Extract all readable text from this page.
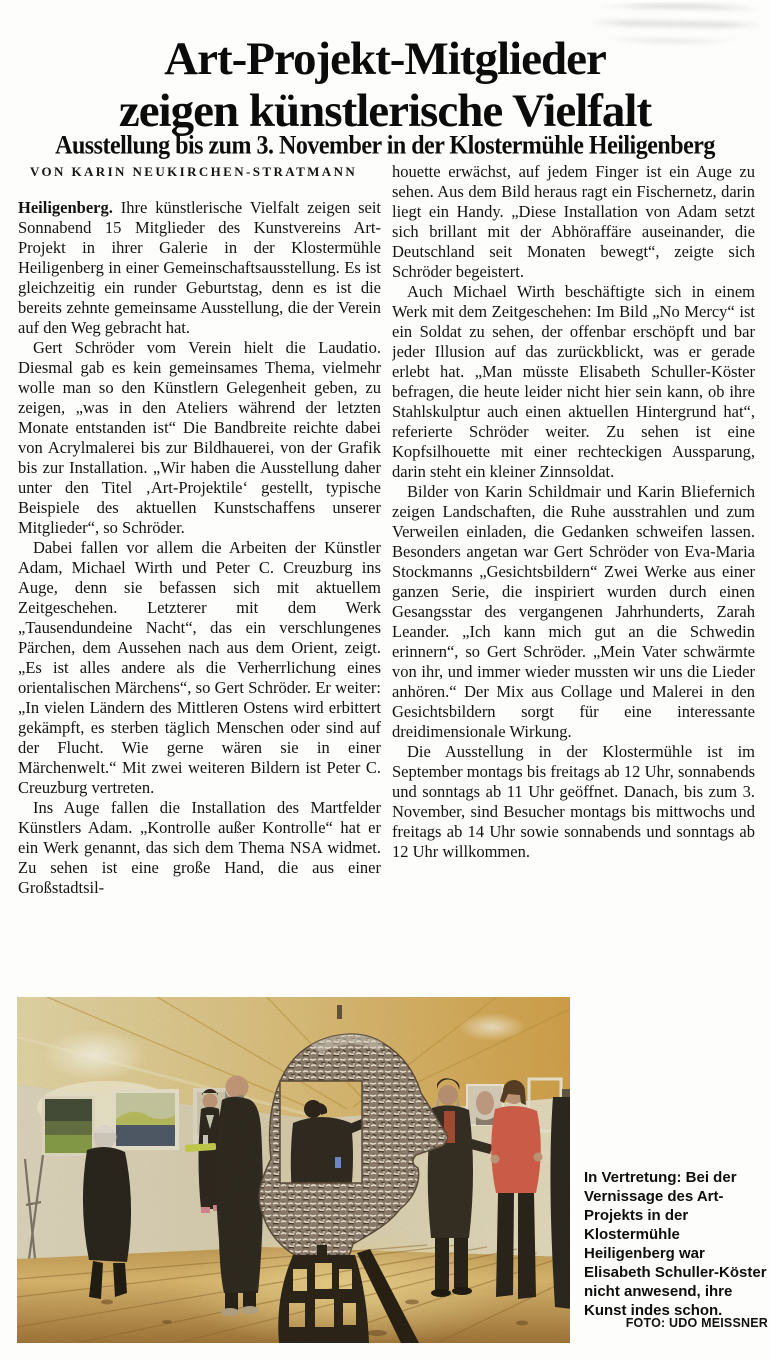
Art-Projekt-Mitglieder
zeigen künstlerische Vielfalt
Ausstellung bis zum 3. November in der Klostermühle Heiligenberg
VON KARIN NEUKIRCHEN-STRATMANN

Heiligenberg. Ihre künstlerische Vielfalt zeigen seit Sonnabend 15 Mitglieder des Kunstvereins Art-Projekt in ihrer Galerie in der Klostermühle Heiligenberg in einer Gemeinschaftsausstellung. Es ist gleichzeitig ein runder Geburtstag, denn es ist die bereits zehnte gemeinsame Ausstellung, die der Verein auf den Weg gebracht hat.

Gert Schröder vom Verein hielt die Laudatio. Diesmal gab es kein gemeinsames Thema, vielmehr wolle man so den Künstlern Gelegenheit geben, zu zeigen, „was in den Ateliers während der letzten Monate entstanden ist“ Die Bandbreite reichte dabei von Acrylmalerei bis zur Bildhauerei, von der Grafik bis zur Installation. „Wir haben die Ausstellung daher unter den Titel ‚Art-Projektile‘ gestellt, typische Beispiele des aktuellen Kunstschaffens unserer Mitglieder“, so Schröder.

Dabei fallen vor allem die Arbeiten der Künstler Adam, Michael Wirth und Peter C. Creuzburg ins Auge, denn sie befassen sich mit aktuellem Zeitgeschehen. Letzterer mit dem Werk „Tausendundeine Nacht“, das ein verschlungenes Pärchen, dem Aussehen nach aus dem Orient, zeigt. „Es ist alles andere als die Verherrlichung eines orientalischen Märchens“, so Gert Schröder. Er weiter: „In vielen Ländern des Mittleren Ostens wird erbittert gekämpft, es sterben täglich Menschen oder sind auf der Flucht. Wie gerne wären sie in einer Märchenwelt.“ Mit zwei weiteren Bildern ist Peter C. Creuzburg vertreten.

Ins Auge fallen die Installation des Martfelder Künstlers Adam. „Kontrolle außer Kontrolle“ hat er ein Werk genannt, das sich dem Thema NSA widmet. Zu sehen ist eine große Hand, die aus einer Großstadtsil-

houette erwächst, auf jedem Finger ist ein Auge zu sehen. Aus dem Bild heraus ragt ein Fischernetz, darin liegt ein Handy. „Diese Installation von Adam setzt sich brillant mit der Abhöraffäre auseinander, die Deutschland seit Monaten bewegt“, zeigte sich Schröder begeistert.

Auch Michael Wirth beschäftigte sich in einem Werk mit dem Zeitgeschehen: Im Bild „No Mercy“ ist ein Soldat zu sehen, der offenbar erschöpft und bar jeder Illusion auf das zurückblickt, was er gerade erlebt hat. „Man müsste Elisabeth Schuller-Köster befragen, die heute leider nicht hier sein kann, ob ihre Stahlskulptur auch einen aktuellen Hintergrund hat“, referierte Schröder weiter. Zu sehen ist eine Kopfsilhouette mit einer rechteckigen Aussparung, darin steht ein kleiner Zinnsoldat.

Bilder von Karin Schildmair und Karin Bliefernich zeigen Landschaften, die Ruhe ausstrahlen und zum Verweilen einladen, die Gedanken schweifen lassen. Besonders angetan war Gert Schröder von Eva-Maria Stockmanns „Gesichtsbildern“ Zwei Werke aus einer ganzen Serie, die inspiriert wurden durch einen Gesangsstar des vergangenen Jahrhunderts, Zarah Leander. „Ich kann mich gut an die Schwedin erinnern“, so Gert Schröder. „Mein Vater schwärmte von ihr, und immer wieder mussten wir uns die Lieder anhören.“ Der Mix aus Collage und Malerei in den Gesichtsbildern sorgt für eine interessante dreidimensionale Wirkung.

Die Ausstellung in der Klostermühle ist im September montags bis freitags ab 12 Uhr, sonnabends und sonntags ab 11 Uhr geöffnet. Danach, bis zum 3. November, sind Besucher montags bis mittwochs und freitags ab 14 Uhr sowie sonnabends und sonntags ab 12 Uhr willkommen.

In Vertretung: Bei der Vernissage des Art-Projekts in der Klostermühle Heiligenberg war Elisabeth Schuller-Köster nicht anwesend, ihre Kunst indes schon.
FOTO: UDO MEISSNER
